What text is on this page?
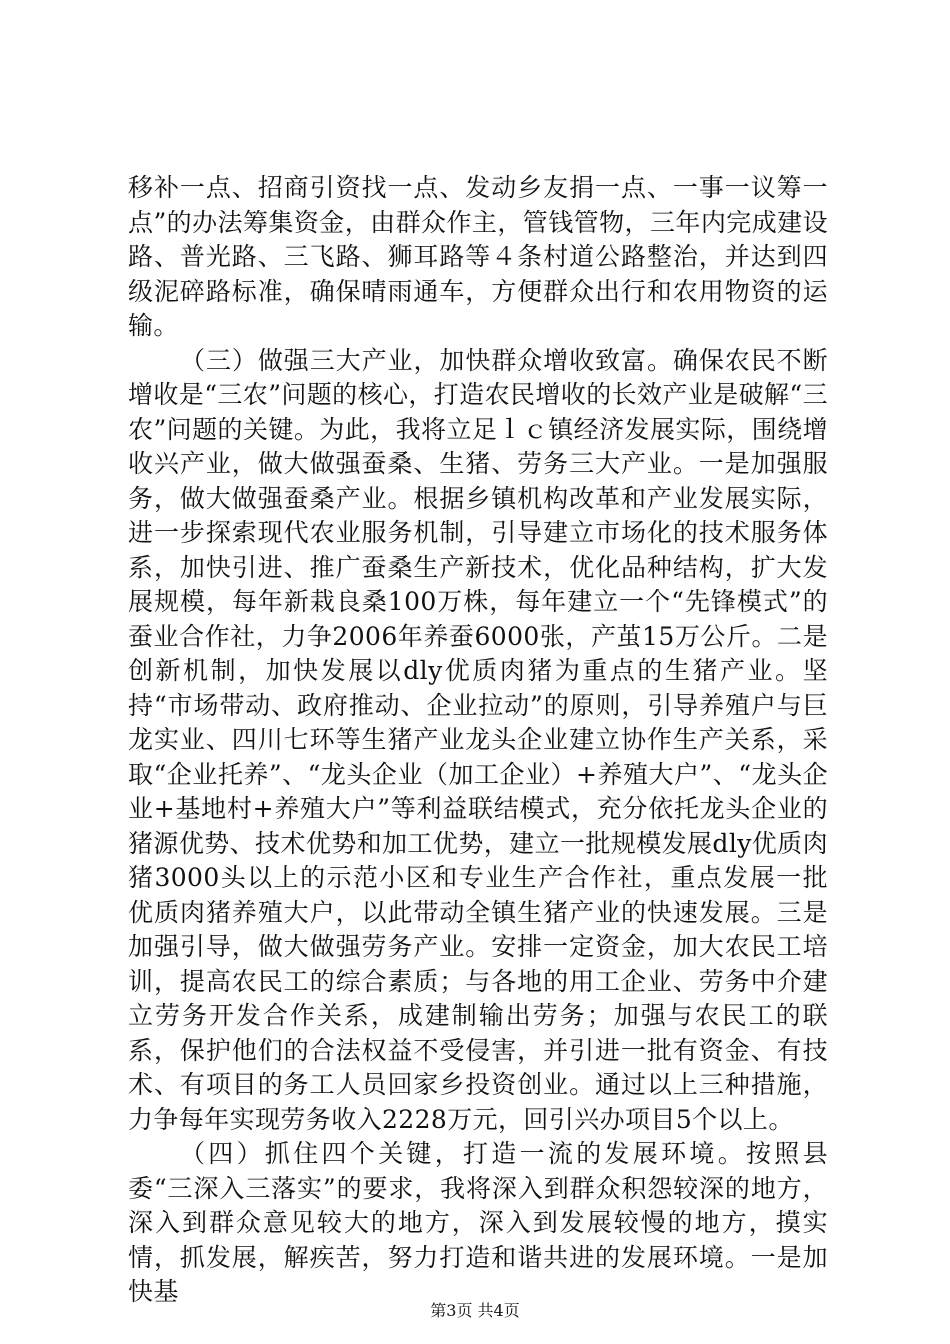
移补一点、招商引资找一点、发动乡友捐一点、一事一议筹一点”的办法筹集资金，由群众作主，管钱管物，三年内完成建设路、普光路、三飞路、狮耳路等４条村道公路整治，并达到四级泥碎路标准，确保晴雨通车，方便群众出行和农用物资的运输。

（三）做强三大产业，加快群众增收致富。确保农民不断增收是“三农”问题的核心，打造农民增收的长效产业是破解“三农”问题的关键。为此，我将立足ｌｃ镇经济发展实际，围绕增收兴产业，做大做强蚕桑、生猪、劳务三大产业。一是加强服务，做大做强蚕桑产业。根据乡镇机构改革和产业发展实际，进一步探索现代农业服务机制，引导建立市场化的技术服务体系，加快引进、推广蚕桑生产新技术，优化品种结构，扩大发展规模，每年新栽良桑100万株，每年建立一个“先锋模式”的蚕业合作社，力争2006年养蚕6000张，产茧15万公斤。二是创新机制，加快发展以dly优质肉猪为重点的生猪产业。坚持“市场带动、政府推动、企业拉动”的原则，引导养殖户与巨龙实业、四川七环等生猪产业龙头企业建立协作生产关系，采取“企业托养”、“龙头企业（加工企业）+养殖大户”、“龙头企业+基地村+养殖大户”等利益联结模式，充分依托龙头企业的猪源优势、技术优势和加工优势，建立一批规模发展dly优质肉猪3000头以上的示范小区和专业生产合作社，重点发展一批优质肉猪养殖大户，以此带动全镇生猪产业的快速发展。三是加强引导，做大做强劳务产业。安排一定资金，加大农民工培训，提高农民工的综合素质；与各地的用工企业、劳务中介建立劳务开发合作关系，成建制输出劳务；加强与农民工的联系，保护他们的合法权益不受侵害，并引进一批有资金、有技术、有项目的务工人员回家乡投资创业。通过以上三种措施，力争每年实现劳务收入2228万元，回引兴办项目5个以上。

（四）抓住四个关键，打造一流的发展环境。按照县委“三深入三落实”的要求，我将深入到群众积怨较深的地方，深入到群众意见较大的地方，深入到发展较慢的地方，摸实情，抓发展，解疾苦，努力打造和谐共进的发展环境。一是加快基

第3页 共4页
